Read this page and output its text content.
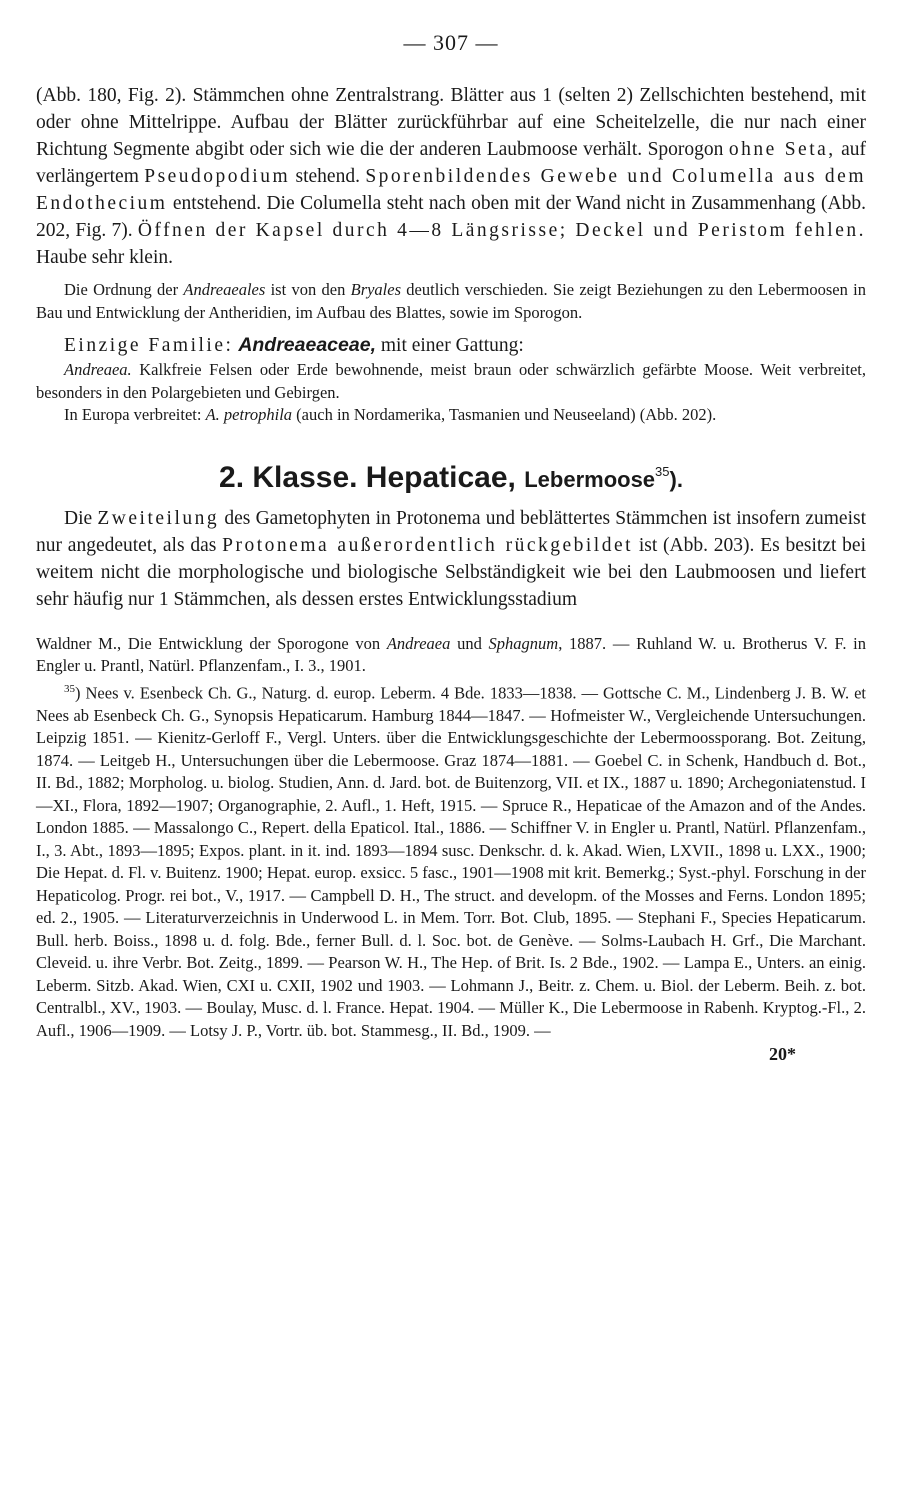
— 307 —

(Abb. 180, Fig. 2). Stämmchen ohne Zentralstrang. Blätter aus 1 (selten 2) Zellschichten bestehend, mit oder ohne Mittelrippe. Aufbau der Blätter zurückführbar auf eine Scheitelzelle, die nur nach einer Richtung Segmente abgibt oder sich wie die der anderen Laubmoose verhält. Sporogon ohne Seta, auf verlängertem Pseudopodium stehend. Sporenbildendes Gewebe und Columella aus dem Endothecium entstehend. Die Columella steht nach oben mit der Wand nicht in Zusammenhang (Abb. 202, Fig. 7). Öffnen der Kapsel durch 4—8 Längsrisse; Deckel und Peristom fehlen. Haube sehr klein.

Die Ordnung der Andreaeales ist von den Bryales deutlich verschieden. Sie zeigt Beziehungen zu den Lebermoosen in Bau und Entwicklung der Antheridien, im Aufbau des Blattes, sowie im Sporogon.

Einzige Familie: Andreaeaceae, mit einer Gattung:

Andreaea. Kalkfreie Felsen oder Erde bewohnende, meist braun oder schwärzlich gefärbte Moose. Weit verbreitet, besonders in den Polargebieten und Gebirgen.

In Europa verbreitet: A. petrophila (auch in Nordamerika, Tasmanien und Neuseeland) (Abb. 202).

2. Klasse. Hepaticae, Lebermoose$^{35}$).

Die Zweiteilung des Gametophyten in Protonema und beblättertes Stämmchen ist insofern zumeist nur angedeutet, als das Protonema außerordentlich rückgebildet ist (Abb. 203). Es besitzt bei weitem nicht die morphologische und biologische Selbständigkeit wie bei den Laubmoosen und liefert sehr häufig nur 1 Stämmchen, als dessen erstes Entwicklungsstadium

Waldner M., Die Entwicklung der Sporogone von Andreaea und Sphagnum, 1887. — Ruhland W. u. Brotherus V. F. in Engler u. Prantl, Natürl. Pflanzenfam., I. 3., 1901.

$^{35}$) Nees v. Esenbeck Ch. G., Naturg. d. europ. Leberm. 4 Bde. 1833—1838. — Gottsche C. M., Lindenberg J. B. W. et Nees ab Esenbeck Ch. G., Synopsis Hepaticarum. Hamburg 1844—1847. — Hofmeister W., Vergleichende Untersuchungen. Leipzig 1851. — Kienitz-Gerloff F., Vergl. Unters. über die Entwicklungsgeschichte der Lebermoossporang. Bot. Zeitung, 1874. — Leitgeb H., Untersuchungen über die Lebermoose. Graz 1874—1881. — Goebel C. in Schenk, Handbuch d. Bot., II. Bd., 1882; Morpholog. u. biolog. Studien, Ann. d. Jard. bot. de Buitenzorg, VII. et IX., 1887 u. 1890; Archegoniatenstud. I—XI., Flora, 1892—1907; Organographie, 2. Aufl., 1. Heft, 1915. — Spruce R., Hepaticae of the Amazon and of the Andes. London 1885. — Massalongo C., Repert. della Epaticol. Ital., 1886. — Schiffner V. in Engler u. Prantl, Natürl. Pflanzenfam., I., 3. Abt., 1893—1895; Expos. plant. in it. ind. 1893—1894 susc. Denkschr. d. k. Akad. Wien, LXVII., 1898 u. LXX., 1900; Die Hepat. d. Fl. v. Buitenz. 1900; Hepat. europ. exsicc. 5 fasc., 1901—1908 mit krit. Bemerkg.; Syst.-phyl. Forschung in der Hepaticolog. Progr. rei bot., V., 1917. — Campbell D. H., The struct. and developm. of the Mosses and Ferns. London 1895; ed. 2., 1905. — Literaturverzeichnis in Underwood L. in Mem. Torr. Bot. Club, 1895. — Stephani F., Species Hepaticarum. Bull. herb. Boiss., 1898 u. d. folg. Bde., ferner Bull. d. l. Soc. bot. de Genève. — Solms-Laubach H. Grf., Die Marchant. Cleveid. u. ihre Verbr. Bot. Zeitg., 1899. — Pearson W. H., The Hep. of Brit. Is. 2 Bde., 1902. — Lampa E., Unters. an einig. Leberm. Sitzb. Akad. Wien, CXI u. CXII, 1902 und 1903. — Lohmann J., Beitr. z. Chem. u. Biol. der Leberm. Beih. z. bot. Centralbl., XV., 1903. — Boulay, Musc. d. l. France. Hepat. 1904. — Müller K., Die Lebermoose in Rabenh. Kryptog.-Fl., 2. Aufl., 1906—1909. — Lotsy J. P., Vortr. üb. bot. Stammesg., II. Bd., 1909. —

20*
